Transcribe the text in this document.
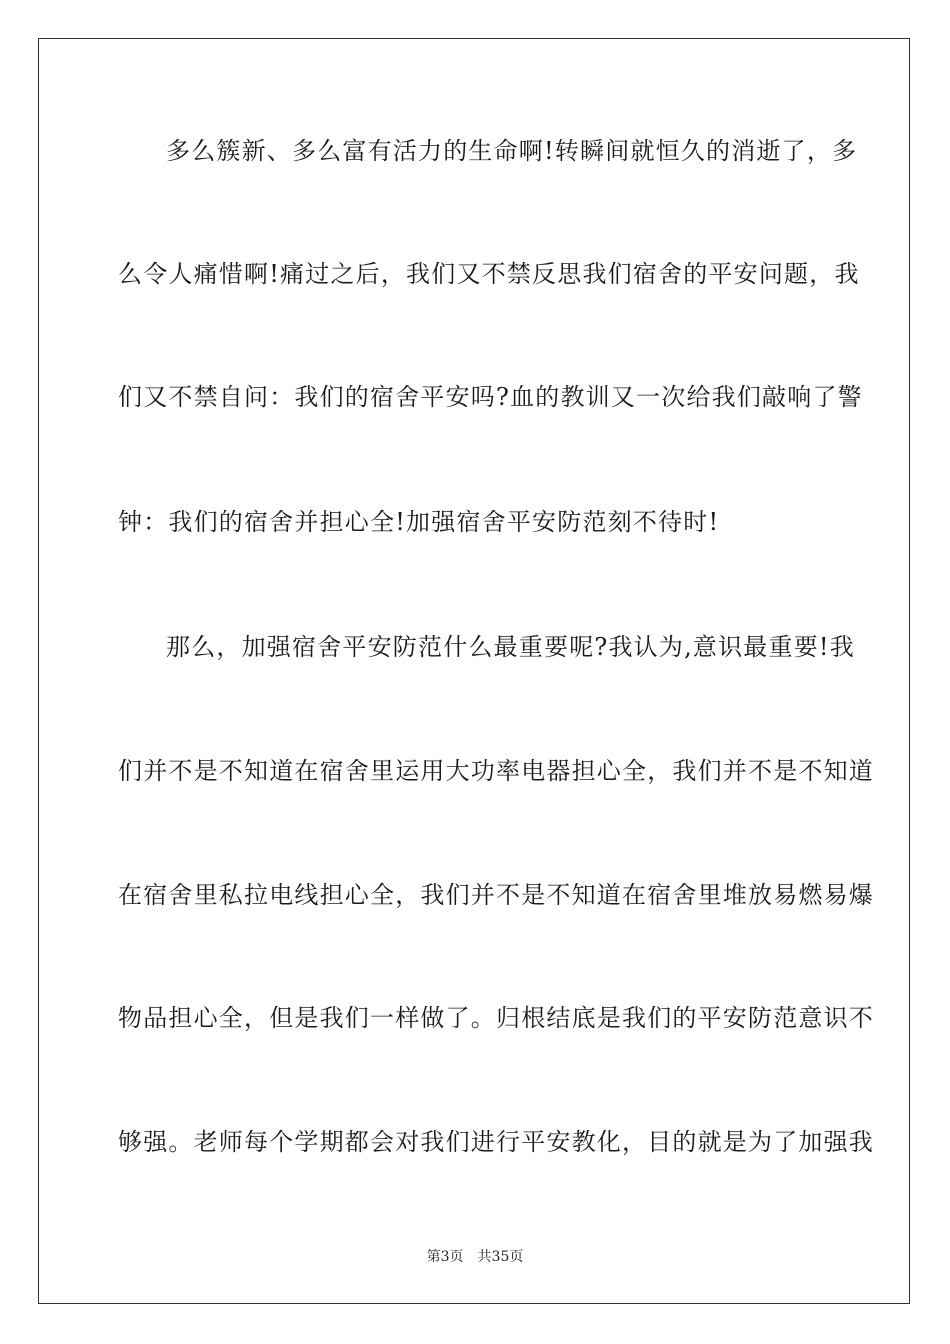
多么簇新、多么富有活力的生命啊!转瞬间就恒久的消逝了，多
么令人痛惜啊!痛过之后，我们又不禁反思我们宿舍的平安问题，我
们又不禁自问：我们的宿舍平安吗?血的教训又一次给我们敲响了警
钟：我们的宿舍并担心全!加强宿舍平安防范刻不待时!
那么，加强宿舍平安防范什么最重要呢?我认为,意识最重要!我
们并不是不知道在宿舍里运用大功率电器担心全，我们并不是不知道
在宿舍里私拉电线担心全，我们并不是不知道在宿舍里堆放易燃易爆
物品担心全，但是我们一样做了。归根结底是我们的平安防范意识不
够强。老师每个学期都会对我们进行平安教化，目的就是为了加强我
第3页 共35页
